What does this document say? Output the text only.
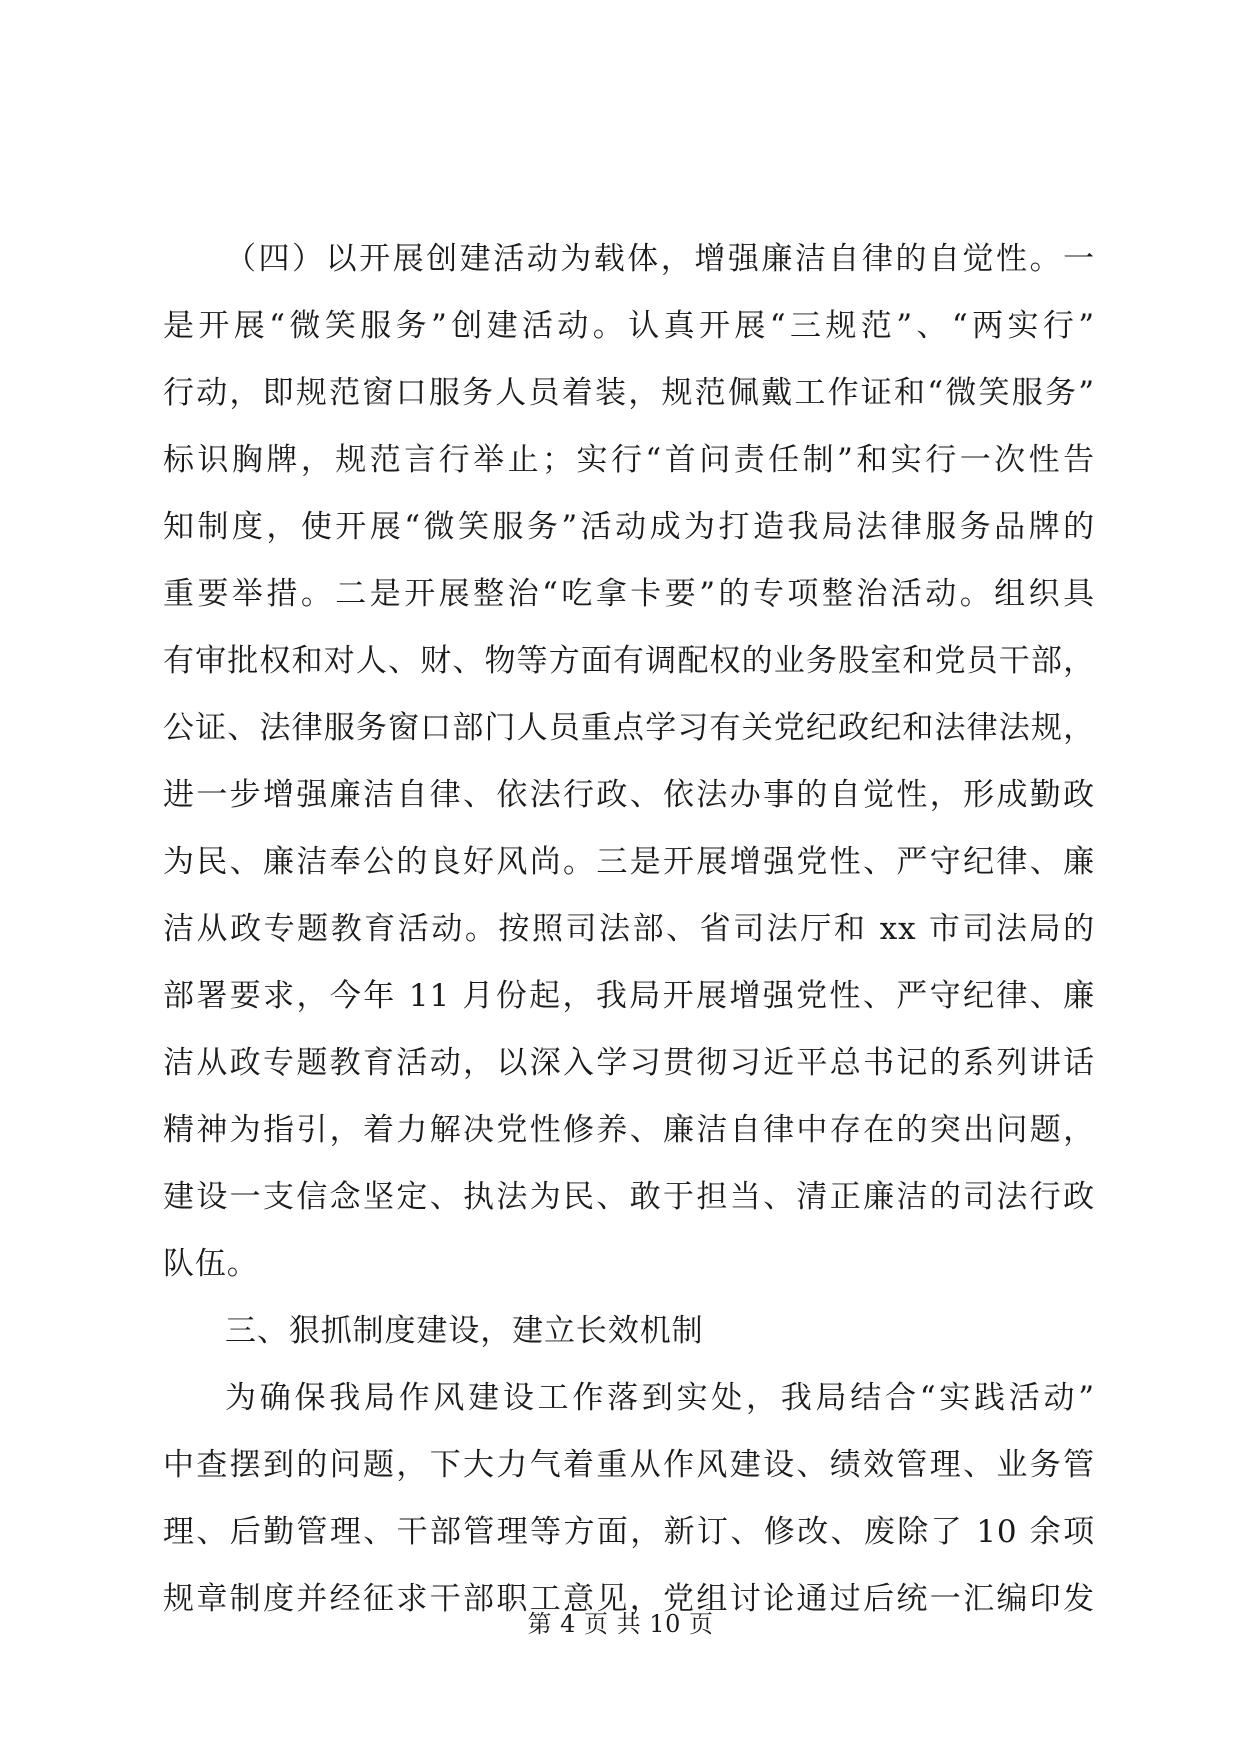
（四）以开展创建活动为载体，增强廉洁自律的自觉性。一
是开展“微笑服务”创建活动。认真开展“三规范”、“两实行”
行动，即规范窗口服务人员着装，规范佩戴工作证和“微笑服务”
标识胸牌，规范言行举止；实行“首问责任制”和实行一次性告
知制度，使开展“微笑服务”活动成为打造我局法律服务品牌的
重要举措。二是开展整治“吃拿卡要”的专项整治活动。组织具
有审批权和对人、财、物等方面有调配权的业务股室和党员干部，
公证、法律服务窗口部门人员重点学习有关党纪政纪和法律法规，
进一步增强廉洁自律、依法行政、依法办事的自觉性，形成勤政
为民、廉洁奉公的良好风尚。三是开展增强党性、严守纪律、廉
洁从政专题教育活动。按照司法部、省司法厅和 xx 市司法局的
部署要求，今年 11 月份起，我局开展增强党性、严守纪律、廉
洁从政专题教育活动，以深入学习贯彻习近平总书记的系列讲话
精神为指引，着力解决党性修养、廉洁自律中存在的突出问题，
建设一支信念坚定、执法为民、敢于担当、清正廉洁的司法行政
队伍。
三、狠抓制度建设，建立长效机制
为确保我局作风建设工作落到实处，我局结合“实践活动”
中查摆到的问题，下大力气着重从作风建设、绩效管理、业务管
理、后勤管理、干部管理等方面，新订、修改、废除了 10 余项
规章制度并经征求干部职工意见，党组讨论通过后统一汇编印发
第 4 页 共 10 页
